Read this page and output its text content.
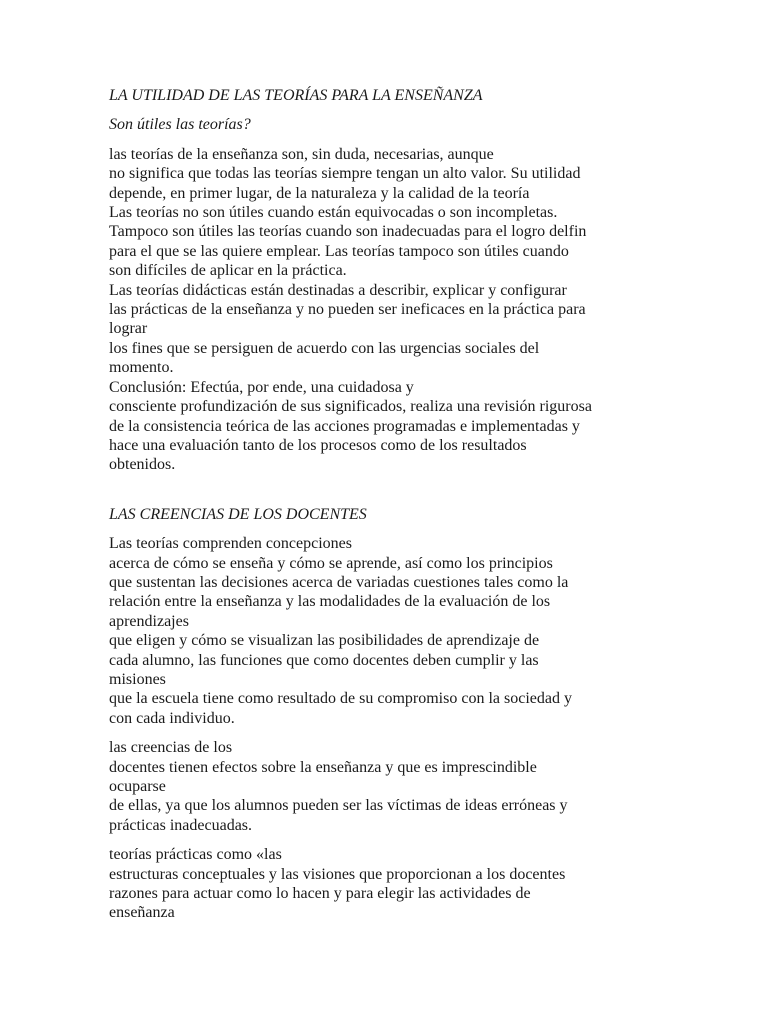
LA UTILIDAD DE LAS TEORÍAS PARA LA ENSEÑANZA

Son útiles las teorías?

las teorías de la enseñanza son, sin duda, necesarias, aunque
no significa que todas las teorías siempre tengan un alto valor. Su utilidad
depende, en primer lugar, de la naturaleza y la calidad de la teoría
Las teorías no son útiles cuando están equivocadas o son incompletas.
Tampoco son útiles las teorías cuando son inadecuadas para el logro delfin
para el que se las quiere emplear. Las teorías tampoco son útiles cuando
son difíciles de aplicar en la práctica.
Las teorías didácticas están destinadas a describir, explicar y configurar
las prácticas de la enseñanza y no pueden ser ineficaces en la práctica para
lograr
los fines que se persiguen de acuerdo con las urgencias sociales del
momento.
Conclusión: Efectúa, por ende, una cuidadosa y
consciente profundización de sus significados, realiza una revisión rigurosa
de la consistencia teórica de las acciones programadas e implementadas y
hace una evaluación tanto de los procesos como de los resultados
obtenidos.

LAS CREENCIAS DE LOS DOCENTES

Las teorías comprenden concepciones
acerca de cómo se enseña y cómo se aprende, así como los principios
que sustentan las decisiones acerca de variadas cuestiones tales como la
relación entre la enseñanza y las modalidades de la evaluación de los
aprendizajes
que eligen y cómo se visualizan las posibilidades de aprendizaje de
cada alumno, las funciones que como docentes deben cumplir y las
misiones
que la escuela tiene como resultado de su compromiso con la sociedad y
con cada individuo.
las creencias de los
docentes tienen efectos sobre la enseñanza y que es imprescindible
ocuparse
de ellas, ya que los alumnos pueden ser las víctimas de ideas erróneas y
prácticas inadecuadas.
teorías prácticas como «las
estructuras conceptuales y las visiones que proporcionan a los docentes
razones para actuar como lo hacen y para elegir las actividades de
enseñanza
